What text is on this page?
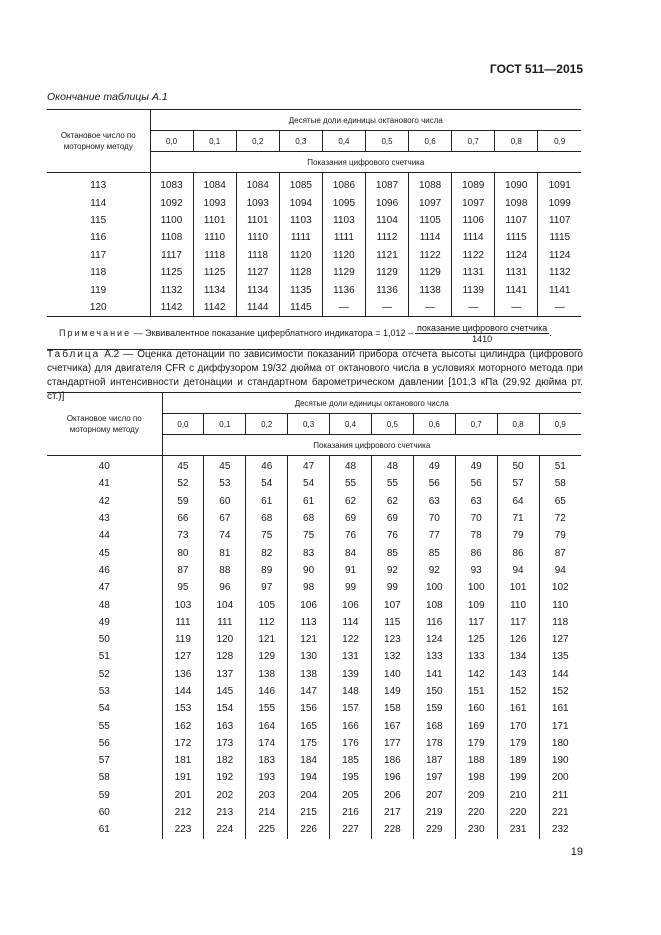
ГОСТ 511—2015
Окончание таблицы А.1
Октановое число по моторному методу	Десятые доли единицы октанового числа									
	0,0	0,1	0,2	0,3	0,4	0,5	0,6	0,7	0,8	0,9
	Показания цифрового счетчика									
113	1083	1084	1084	1085	1086	1087	1088	1089	1090	1091
114	1092	1093	1093	1094	1095	1096	1097	1097	1098	1099
115	1100	1101	1101	1103	1103	1104	1105	1106	1107	1107
116	1108	1110	1110	1111	1111	1112	1114	1114	1115	1115
117	1117	1118	1118	1120	1120	1121	1122	1122	1124	1124
118	1125	1125	1127	1128	1129	1129	1129	1131	1131	1132
119	1132	1134	1134	1135	1136	1136	1138	1139	1141	1141
120	1142	1142	1144	1145	—	—	—	—	—	—
Примечание — Эквивалентное показание циферблатного индикатора = $1,012 - \frac{\text{показание цифрового счетчика}}{1410}$ .										
Таблица А.2 — Оценка детонации по зависимости показаний прибора отсчета высоты цилиндра (цифрового счетчика) для двигателя CFR с диффузором 19/32 дюйма от октанового числа в условиях моторного метода при стандартной интенсивности детонации и стандартном барометрическом давлении [101,3 кПа (29,92 дюйма рт. ст.)]
Октановое число по моторному методу	Десятые доли единицы октанового числа									
	0,0	0,1	0,2	0,3	0,4	0,5	0,6	0,7	0,8	0,9
	Показания цифрового счетчика									
40	45	45	46	47	48	48	49	49	50	51
41	52	53	54	54	55	55	56	56	57	58
42	59	60	61	61	62	62	63	63	64	65
43	66	67	68	68	69	69	70	70	71	72
44	73	74	75	75	76	76	77	78	79	79
45	80	81	82	83	84	85	85	86	86	87
46	87	88	89	90	91	92	92	93	94	94
47	95	96	97	98	99	99	100	100	101	102
48	103	104	105	106	106	107	108	109	110	110
49	111	111	112	113	114	115	116	117	117	118
50	119	120	121	121	122	123	124	125	126	127
51	127	128	129	130	131	132	133	133	134	135
52	136	137	138	138	139	140	141	142	143	144
53	144	145	146	147	148	149	150	151	152	152
54	153	154	155	156	157	158	159	160	161	161
55	162	163	164	165	166	167	168	169	170	171
56	172	173	174	175	176	177	178	179	179	180
57	181	182	183	184	185	186	187	188	189	190
58	191	192	193	194	195	196	197	198	199	200
59	201	202	203	204	205	206	207	209	210	211
60	212	213	214	215	216	217	219	220	220	221
61	223	224	225	226	227	228	229	230	231	232
19
